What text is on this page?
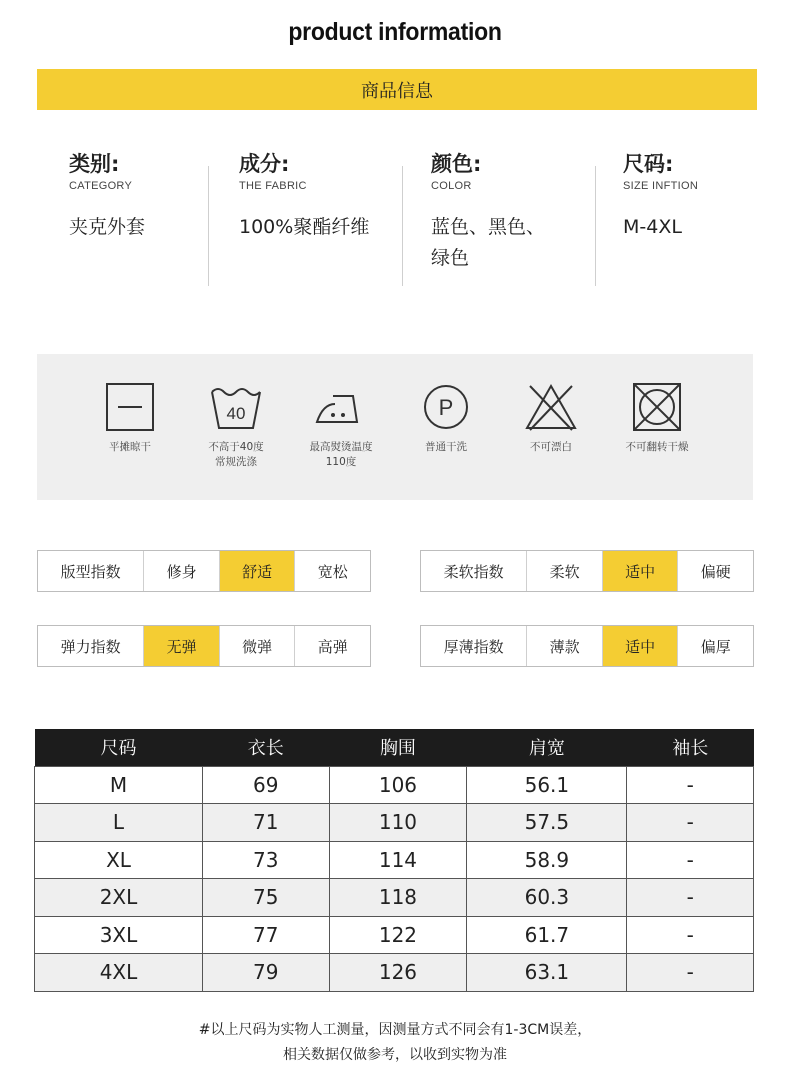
product information
商品信息
类别:
CATEGORY
夹克外套
成分:
THE FABRIC
100%聚酯纤维
颜色:
COLOR
蓝色、黑色、绿色
尺码:
SIZE INFTION
M-4XL
平摊晾干
40
不高于40度
常规洗涤
最高熨烫温度
110度
P
普通干洗	不可漂白	不可翻转干燥
版型指数	修身	舒适	宽松	柔软指数	柔软	适中	偏硬
弹力指数	无弹	微弹	高弹	厚薄指数	薄款	适中	偏厚
尺码	衣长	胸围	肩宽	袖长
M	69	106	56.1	-
L	71	110	57.5	-
XL	73	114	58.9	-
2XL	75	118	60.3	-
3XL	77	122	61.7	-
4XL	79	126	63.1	-
#以上尺码为实物人工测量，因测量方式不同会有1-3CM误差，
相关数据仅做参考，以收到实物为准
